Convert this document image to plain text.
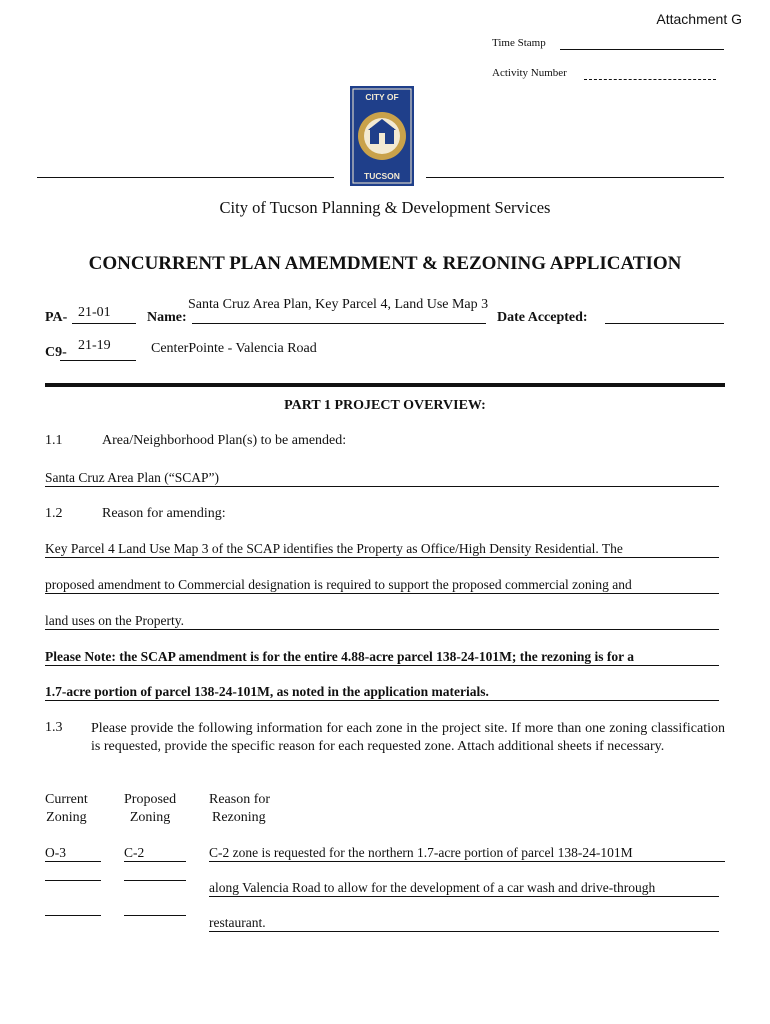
Attachment G
Time Stamp
Activity Number
CITY OF
TUCSON
City of Tucson Planning & Development Services
CONCURRENT PLAN AMEMDMENT & REZONING APPLICATION
PA- 21-01	Name:
Santa Cruz Area Plan, Key Parcel 4, Land Use Map 3
Date Accepted:
C9- 21-19	CenterPointe - Valencia Road
PART 1 PROJECT OVERVIEW:
1.1	Area/Neighborhood Plan(s) to be amended:
Santa Cruz Area Plan (“SCAP”)
1.2	Reason for amending:
Key Parcel 4 Land Use Map 3 of the SCAP identifies the Property as Office/High Density Residential. The
proposed amendment to Commercial designation is required to support the proposed commercial zoning and
land uses on the Property.
Please Note: the SCAP amendment is for the entire 4.88-acre parcel 138-24-101M; the rezoning is for a
1.7-acre portion of parcel 138-24-101M, as noted in the application materials.
1.3 Please provide the following information for each zone in the project site. If more than one zoning classification is requested, provide the specific reason for each requested zone. Attach additional sheets if necessary.
Current
Zoning
Proposed
Zoning
Reason for
Rezoning
O-3	C-2	C-2 zone is requested for the northern 1.7-acre portion of parcel 138-24-101M
along Valencia Road to allow for the development of a car wash and drive-through
restaurant.
